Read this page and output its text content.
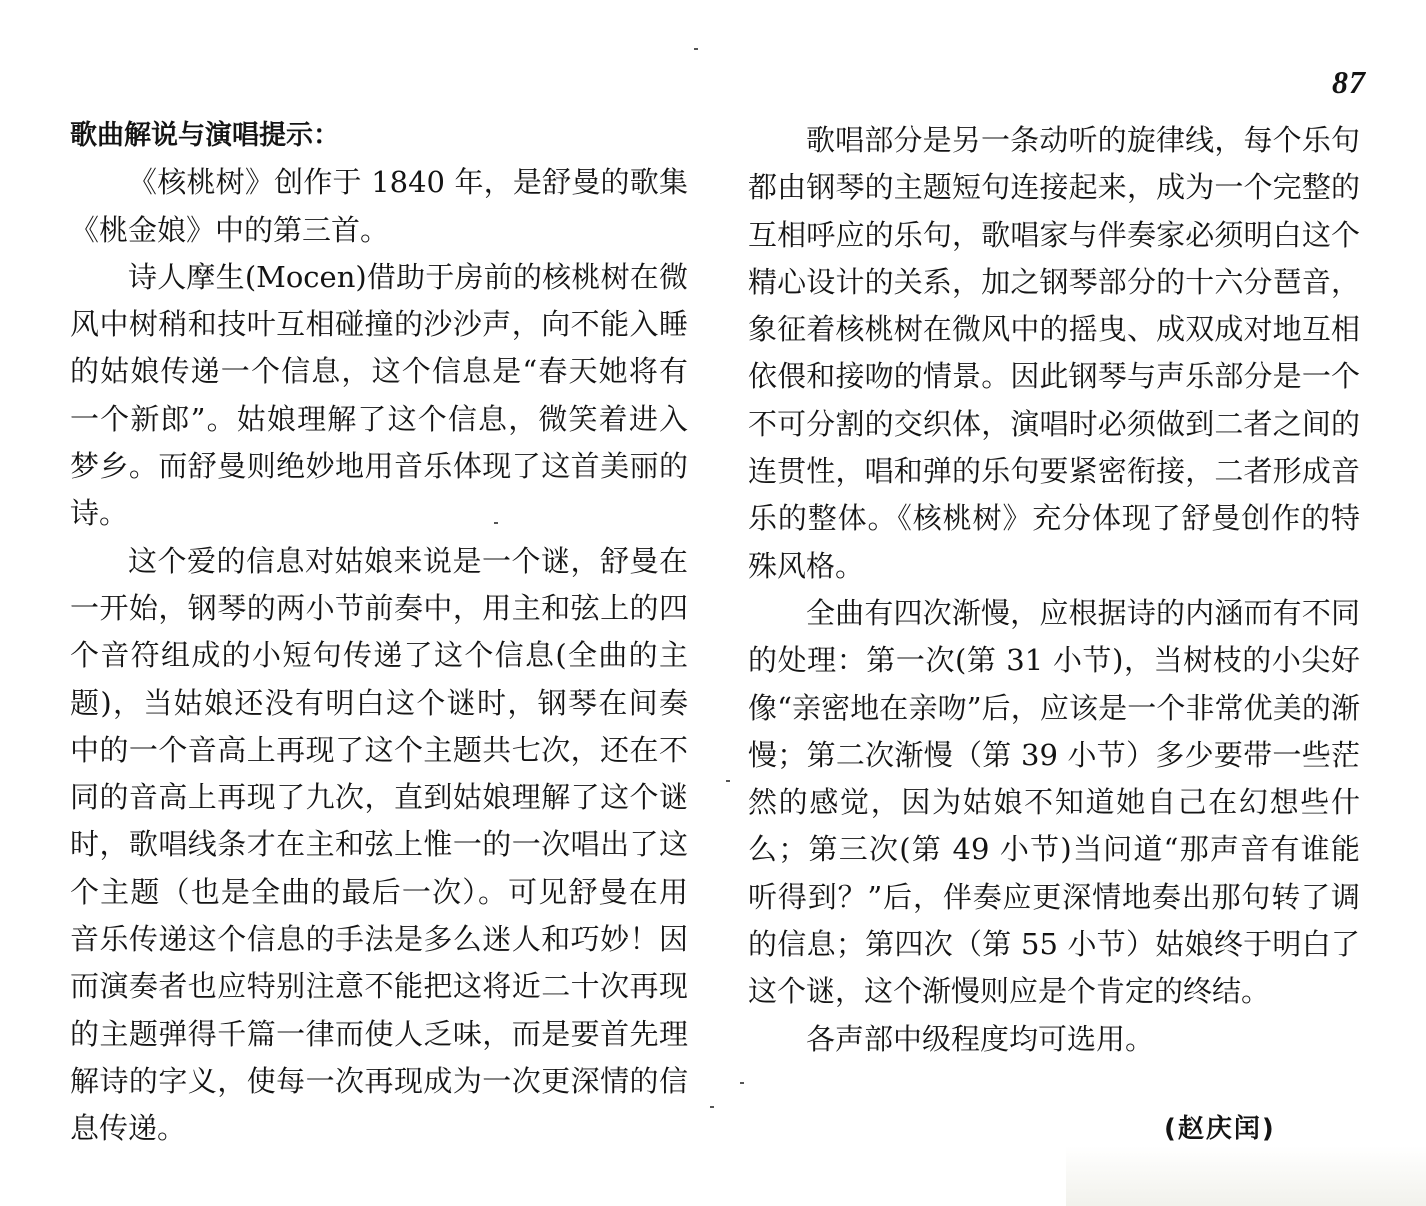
87
歌曲解说与演唱提示：

《核桃树》创作于 1840 年，是舒曼的歌集《桃金娘》中的第三首。

诗人摩生(Mocen)借助于房前的核桃树在微风中树稍和技叶互相碰撞的沙沙声，向不能入睡的姑娘传递一个信息，这个信息是“春天她将有一个新郎”。姑娘理解了这个信息，微笑着进入梦乡。而舒曼则绝妙地用音乐体现了这首美丽的诗。

这个爱的信息对姑娘来说是一个谜，舒曼在一开始，钢琴的两小节前奏中，用主和弦上的四个音符组成的小短句传递了这个信息(全曲的主题)，当姑娘还没有明白这个谜时，钢琴在间奏中的一个音高上再现了这个主题共七次，还在不同的音高上再现了九次，直到姑娘理解了这个谜时，歌唱线条才在主和弦上惟一的一次唱出了这个主题（也是全曲的最后一次）。可见舒曼在用音乐传递这个信息的手法是多么迷人和巧妙！因而演奏者也应特别注意不能把这将近二十次再现的主题弹得千篇一律而使人乏味，而是要首先理解诗的字义，使每一次再现成为一次更深情的信息传递。

歌唱部分是另一条动听的旋律线，每个乐句都由钢琴的主题短句连接起来，成为一个完整的互相呼应的乐句，歌唱家与伴奏家必须明白这个精心设计的关系，加之钢琴部分的十六分琶音，象征着核桃树在微风中的摇曳、成双成对地互相依偎和接吻的情景。因此钢琴与声乐部分是一个不可分割的交织体，演唱时必须做到二者之间的连贯性，唱和弹的乐句要紧密衔接，二者形成音乐的整体。《核桃树》充分体现了舒曼创作的特殊风格。

全曲有四次渐慢，应根据诗的内涵而有不同的处理：第一次(第 31 小节)，当树枝的小尖好像“亲密地在亲吻”后，应该是一个非常优美的渐慢；第二次渐慢（第 39 小节）多少要带一些茫然的感觉，因为姑娘不知道她自己在幻想些什么；第三次(第 49 小节)当问道“那声音有谁能听得到？”后，伴奏应更深情地奏出那句转了调的信息；第四次（第 55 小节）姑娘终于明白了这个谜，这个渐慢则应是个肯定的终结。

各声部中级程度均可选用。

(赵庆闰)
